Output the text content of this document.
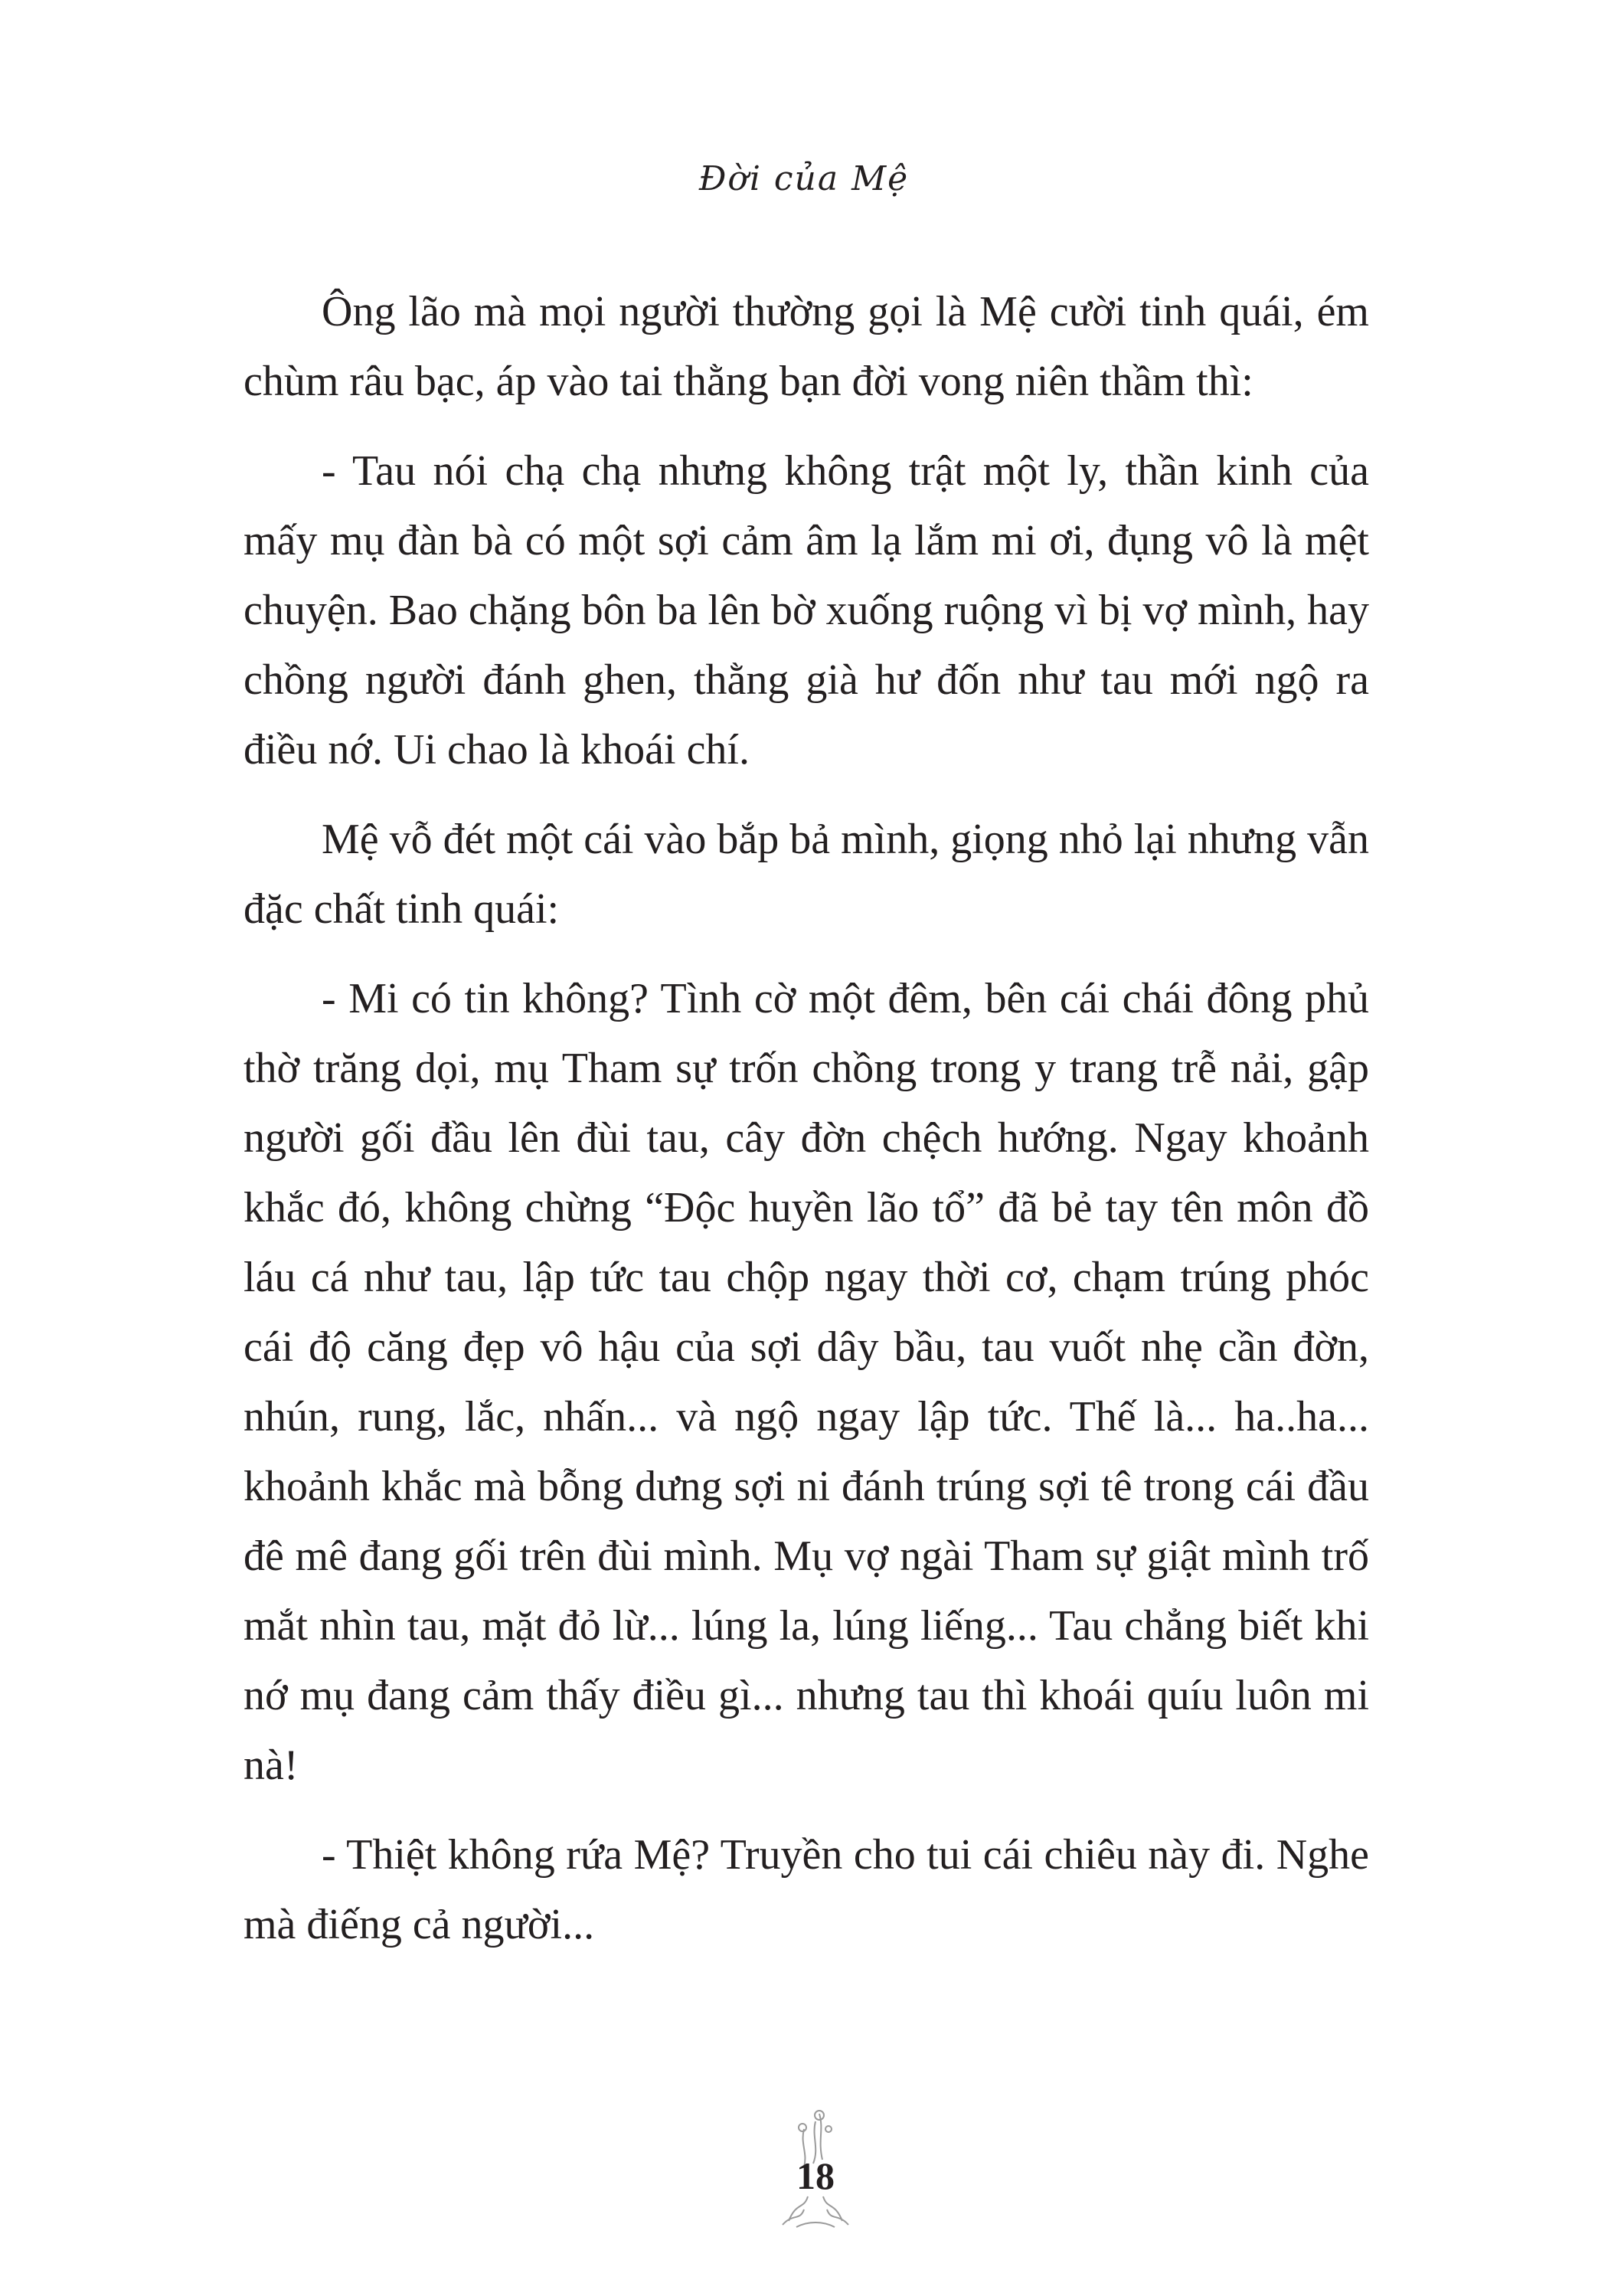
Đời của Mệ

Ông lão mà mọi người thường gọi là Mệ cười tinh quái, ém chùm râu bạc, áp vào tai thằng bạn đời vong niên thầm thì:

- Tau nói chạ chạ nhưng không trật một ly, thần kinh của mấy mụ đàn bà có một sợi cảm âm lạ lắm mi ơi, đụng vô là mệt chuyện. Bao chặng bôn ba lên bờ xuống ruộng vì bị vợ mình, hay chồng người đánh ghen, thằng già hư đốn như tau mới ngộ ra điều nớ. Ui chao là khoái chí.

Mệ vỗ đét một cái vào bắp bả mình, giọng nhỏ lại nhưng vẫn đặc chất tinh quái:

- Mi có tin không? Tình cờ một đêm, bên cái chái đông phủ thờ trăng dọi, mụ Tham sự trốn chồng trong y trang trễ nải, gập người gối đầu lên đùi tau, cây đờn chệch hướng. Ngay khoảnh khắc đó, không chừng “Độc huyền lão tổ” đã bẻ tay tên môn đồ láu cá như tau, lập tức tau chộp ngay thời cơ, chạm trúng phóc cái độ căng đẹp vô hậu của sợi dây bầu, tau vuốt nhẹ cần đờn, nhún, rung, lắc, nhấn... và ngộ ngay lập tức. Thế là... ha..ha... khoảnh khắc mà bỗng dưng sợi ni đánh trúng sợi tê trong cái đầu đê mê đang gối trên đùi mình. Mụ vợ ngài Tham sự giật mình trố mắt nhìn tau, mặt đỏ lừ... lúng la, lúng liếng... Tau chẳng biết khi nớ mụ đang cảm thấy điều gì... nhưng tau thì khoái quíu luôn mi nà!

- Thiệt không rứa Mệ? Truyền cho tui cái chiêu này đi. Nghe mà điếng cả người...

18
